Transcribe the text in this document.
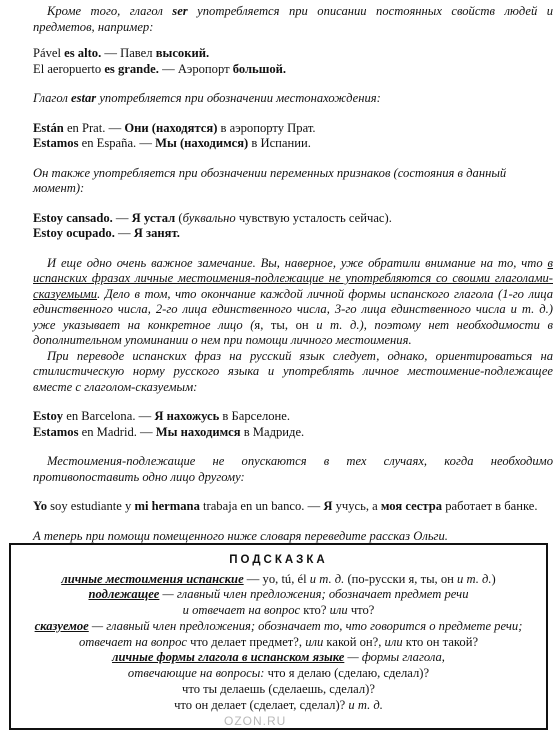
Кроме того, глагол ser употребляется при описании постоянных свойств людей и предметов, например:

Pável es alto. — Павел высокий.

El aeropuerto es grande. — Аэропорт большой.

Глагол estar употребляется при обозначении местонахождения:

Están en Prat. — Они (находятся) в аэропорту Прат.

Estamos en España. — Мы (находимся) в Испании.

Он также употребляется при обозначении переменных признаков (состояния в данный момент):

Estoy cansado. — Я устал (буквально чувствую усталость сейчас).

Estoy ocupado. — Я занят.

И еще одно очень важное замечание. Вы, наверное, уже обратили внимание на то, что в испанских фразах личные местоимения-подлежащие не употребляются со своими глаголами-сказуемыми. Дело в том, что окончание каждой личной формы испанского глагола (1-го лица единственного числа, 2-го лица единственного числа, 3-го лица единственного числа и т. д.) уже указывает на конкретное лицо (я, ты, он и т. д.), поэтому нет необходимости в дополнительном упоминании о нем при помощи личного местоимения.

При переводе испанских фраз на русский язык следует, однако, ориентироваться на стилистическую норму русского языка и употреблять личное местоимение-подлежащее вместе с глаголом-сказуемым:

Estoy en Barcelona. — Я нахожусь в Барселоне.

Estamos en Madrid. — Мы находимся в Мадриде.

Местоимения-подлежащие не опускаются в тех случаях, когда необходимо противопоставить одно лицо другому:

Yo soy estudiante y mi hermana trabaja en un banco. — Я учусь, а моя сестра работает в банке.

А теперь при помощи помещенного ниже словаря переведите рассказ Ольги.

ПОДСКАЗКА

личные местоимения испанские — yo, tú, él и т. д. (по-русски я, ты, он и т. д.)

подлежащее — главный член предложения; обозначает предмет речи

и отвечает на вопрос кто? или что?

сказуемое — главный член предложения; обозначает то, что говорится о предмете речи;

отвечает на вопрос что делает предмет?, или какой он?, или кто он такой?

личные формы глагола в испанском языке — формы глагола,

отвечающие на вопросы: что я делаю (сделаю, сделал)?

что ты делаешь (сделаешь, сделал)?

что он делает (сделает, сделал)? и т. д.

OZON.RU
